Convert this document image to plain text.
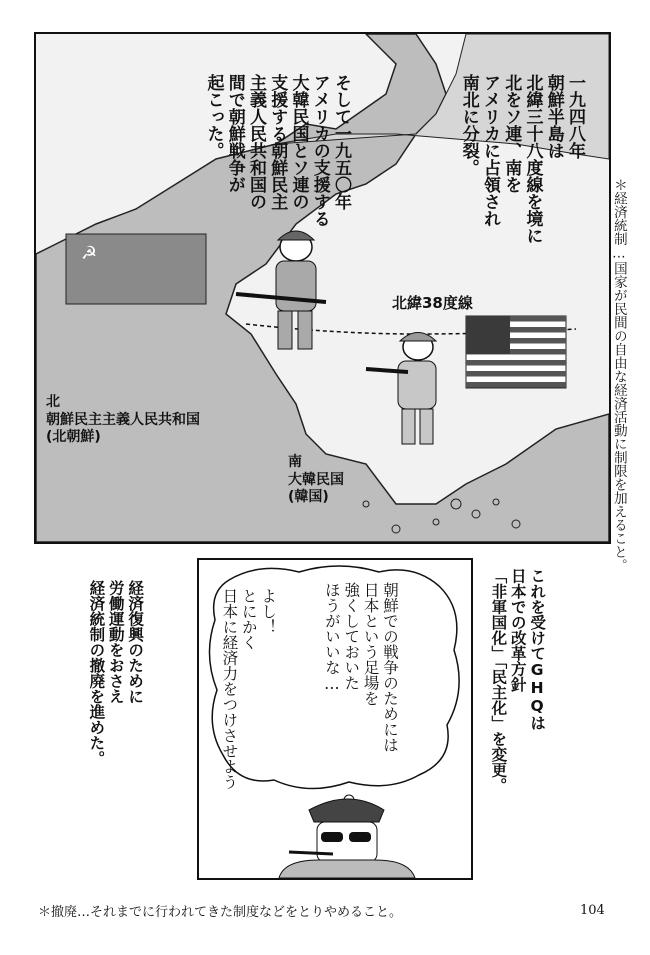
☭
一九四八年
朝鮮半島は
北緯三十八度線を境に
北をソ連、南を
アメリカに占領され
南北に分裂。
そして一九五〇年
アメリカの支援する
大韓民国とソ連の
支援する朝鮮民主
主義人民共和国の
間で朝鮮戦争が
起こった。
北緯38度線
北
朝鮮民主主義人民共和国
(北朝鮮)
南
大韓民国
(韓国)	＊経済統制…国家が民間の自由な経済活動に制限を加えること。
これを受けてGHQは
日本での改革方針
「非軍国化」「民主化」を変更。
朝鮮での戦争のためには
日本という足場を
強くしておいた
ほうがいいな…
よし！
とにかく
日本に経済力をつけさせよう
経済復興のために
労働運動をおさえ
経済統制の撤廃を進めた。
＊撤廃…それまでに行われてきた制度などをとりやめること。	104
